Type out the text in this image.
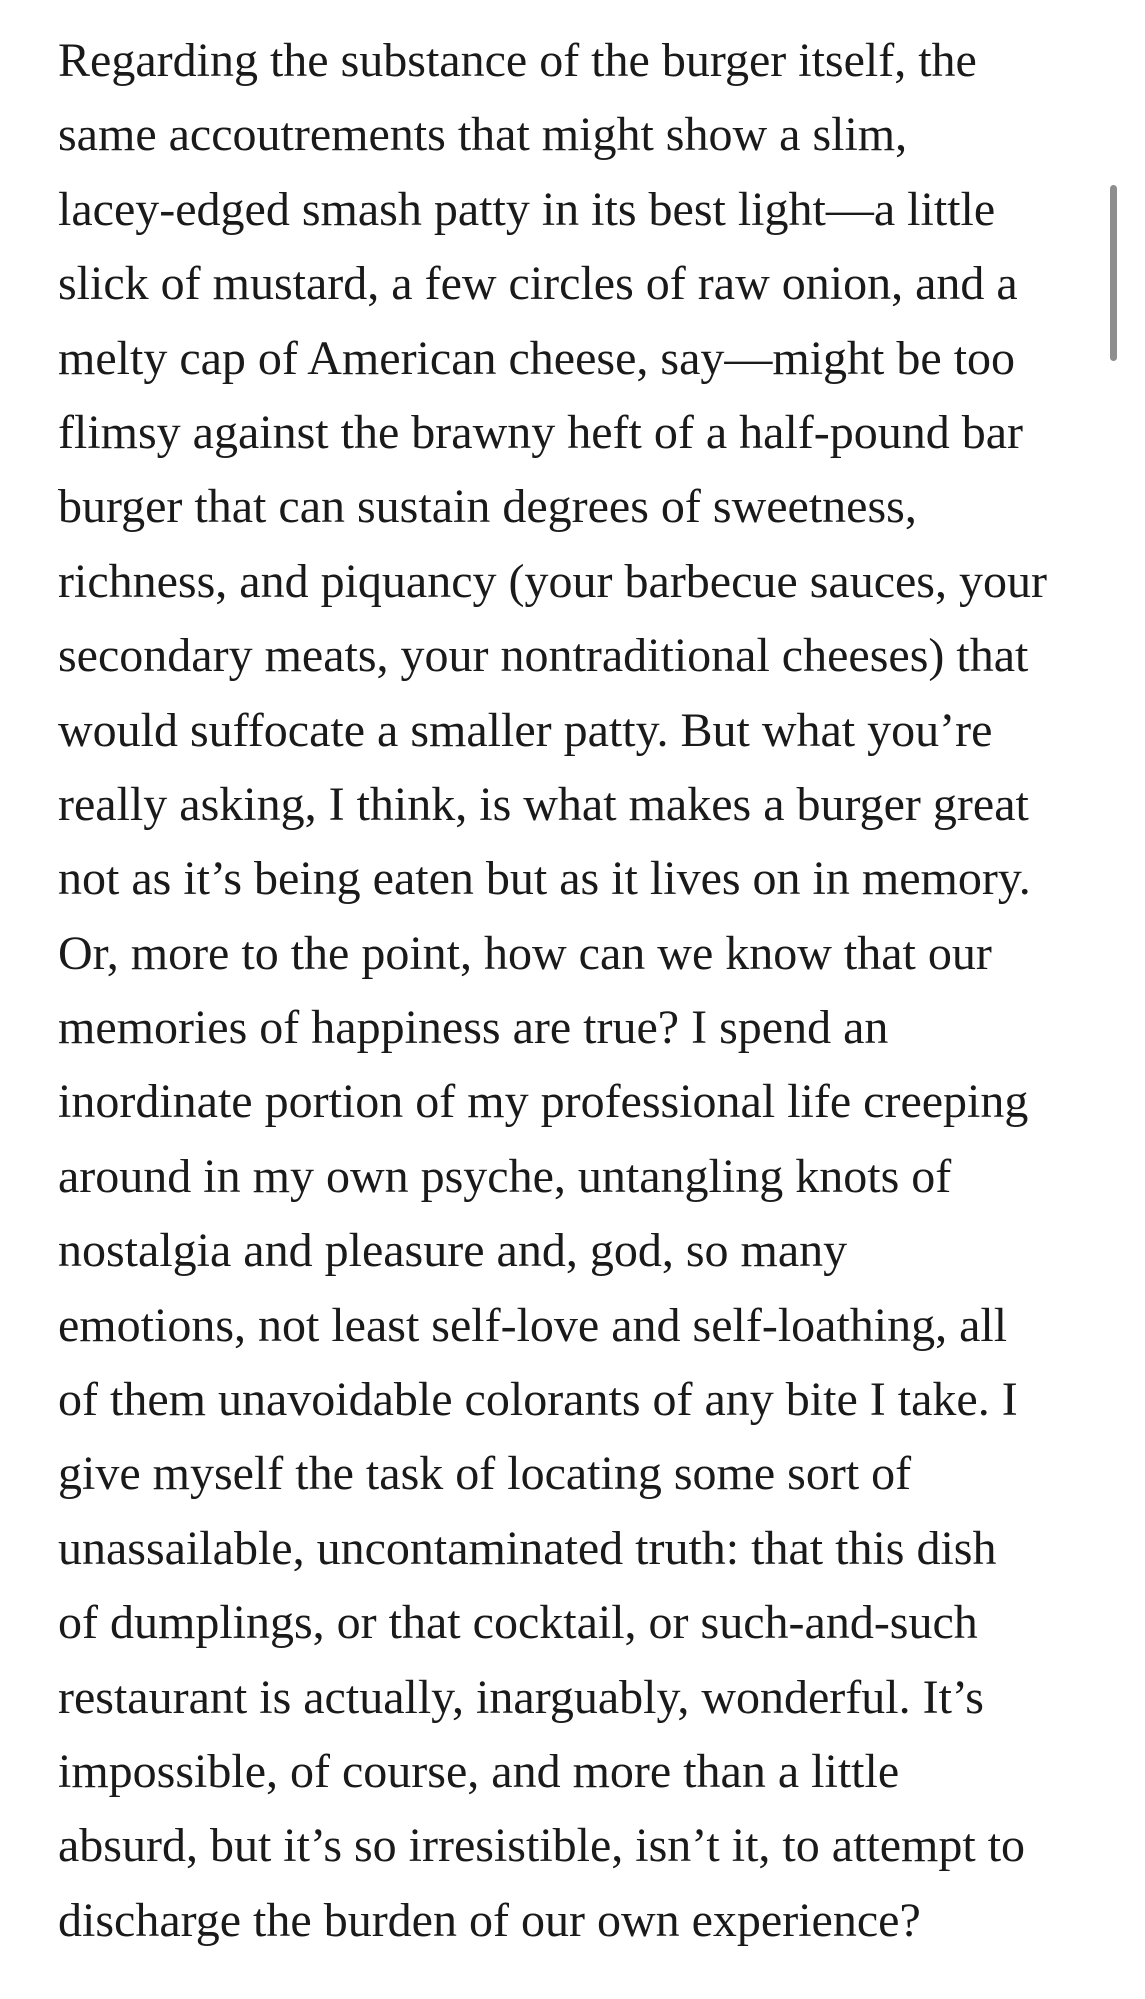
Regarding the substance of the burger itself, the
same accoutrements that might show a slim,
lacey-edged smash patty in its best light—a little
slick of mustard, a few circles of raw onion, and a
melty cap of American cheese, say—might be too
flimsy against the brawny heft of a half-pound bar
burger that can sustain degrees of sweetness,
richness, and piquancy (your barbecue sauces, your
secondary meats, your nontraditional cheeses) that
would suffocate a smaller patty. But what you’re
really asking, I think, is what makes a burger great
not as it’s being eaten but as it lives on in memory.
Or, more to the point, how can we know that our
memories of happiness are true? I spend an
inordinate portion of my professional life creeping
around in my own psyche, untangling knots of
nostalgia and pleasure and, god, so many
emotions, not least self-love and self-loathing, all
of them unavoidable colorants of any bite I take. I
give myself the task of locating some sort of
unassailable, uncontaminated truth: that this dish
of dumplings, or that cocktail, or such-and-such
restaurant is actually, inarguably, wonderful. It’s
impossible, of course, and more than a little
absurd, but it’s so irresistible, isn’t it, to attempt to
discharge the burden of our own experience?
